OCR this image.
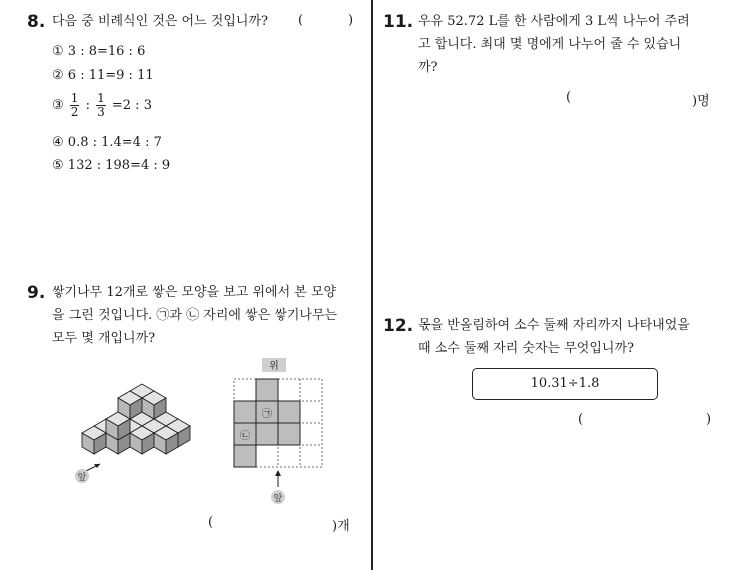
8. 다음 중 비례식인 것은 어느 것입니까? (	)
① 3 : 8=16 : 6
② 6 : 11=9 : 11
③ $\frac{1}{2}$ : $\frac{1}{3} =2$ : 3
④ 0.8 : 1.4=4 : 7
⑤ 132 : 198=4 : 9
9. 쌓기나무 12개로 쌓은 모양을 보고 위에서 본 모양
을 그린 것입니다. ㉠과 ㉡ 자리에 쌓은 쌓기나무는
모두 몇 개입니까?
앞
위
㉠
㉡
앞
(	)개
11. 우유 52.72 L를 한 사람에게 3 L씩 나누어 주려
고 합니다. 최대 몇 명에게 나누어 줄 수 있습니
까?
(	)명
12. 몫을 반올림하여 소수 둘째 자리까지 나타내었을
때 소수 둘째 자리 숫자는 무엇입니까?
10.31÷1.8
(	)
